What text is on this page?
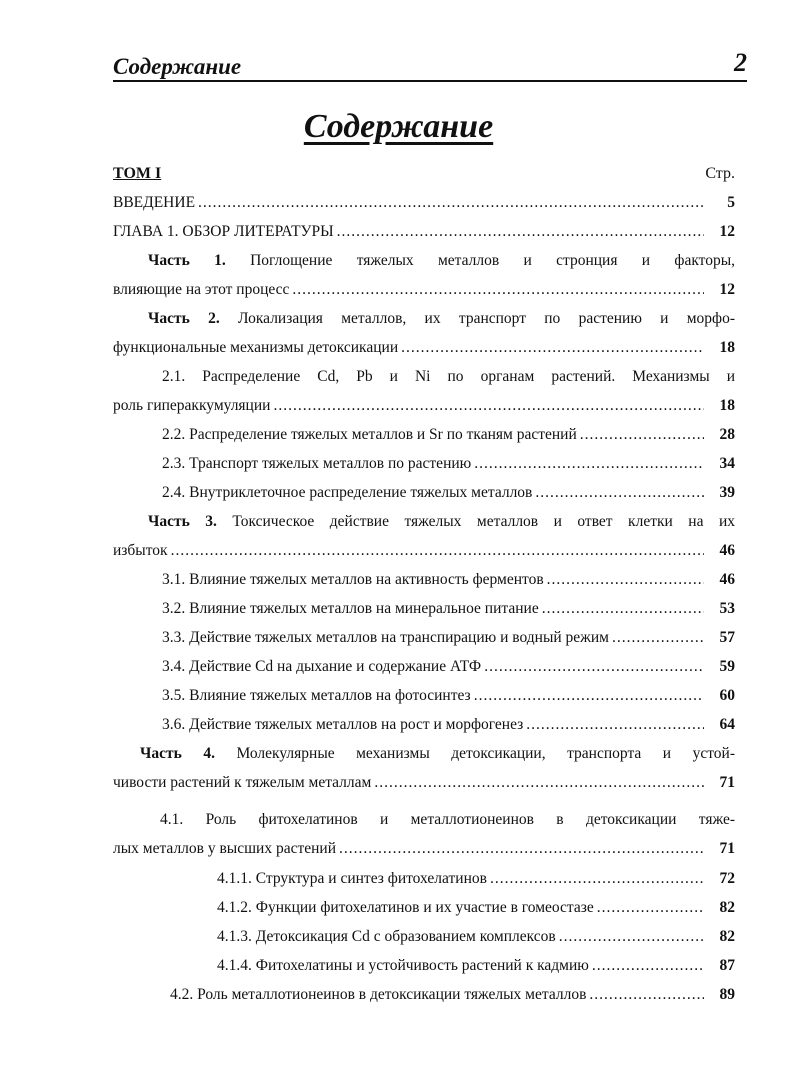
Содержание	2
Содержание
ТОМ I	Стр.
ВВЕДЕНИЕ .....	5
ГЛАВА 1. ОБЗОР ЛИТЕРАТУРЫ .....	12
Часть 1. Поглощение тяжелых металлов и стронция и факторы,
влияющие на этот процесс .....	12
Часть 2. Локализация металлов, их транспорт по растению и морфо-
функциональные механизмы детоксикации .....	18
2.1. Распределение Cd, Pb и Ni по органам растений. Механизмы и
роль гипераккумуляции .....	18
2.2. Распределение тяжелых металлов и Sr по тканям растений .....	28
2.3. Транспорт тяжелых металлов по растению .....	34
2.4. Внутриклеточное распределение тяжелых металлов .....	39
Часть 3. Токсическое действие тяжелых металлов и ответ клетки на их
избыток .....	46
3.1. Влияние тяжелых металлов на активность ферментов .....	46
3.2. Влияние тяжелых металлов на минеральное питание .....	53
3.3. Действие тяжелых металлов на транспирацию и водный режим .....	57
3.4. Действие Cd на дыхание и содержание АТФ .....	59
3.5. Влияние тяжелых металлов на фотосинтез .....	60
3.6. Действие тяжелых металлов на рост и морфогенез .....	64
Часть 4. Молекулярные механизмы детоксикации, транспорта и устой-
чивости растений к тяжелым металлам .....	71
4.1. Роль фитохелатинов и металлотионеинов в детоксикации тяже-
лых металлов у высших растений .....	71
4.1.1. Структура и синтез фитохелатинов .....	72
4.1.2. Функции фитохелатинов и их участие в гомеостазе .....	82
4.1.3. Детоксикация Cd с образованием комплексов .....	82
4.1.4. Фитохелатины и устойчивость растений к кадмию .....	87
4.2. Роль металлотионеинов в детоксикации тяжелых металлов .....	89
